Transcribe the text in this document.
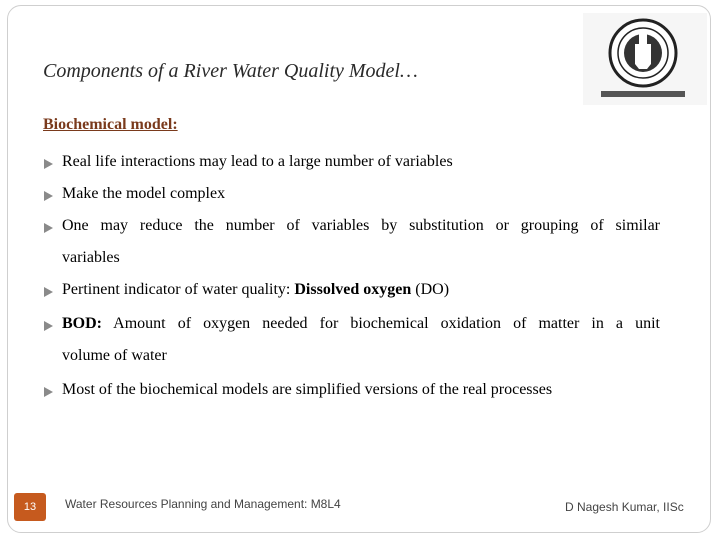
Components of a River Water Quality Model…
Biochemical model:
Real life interactions may lead to a large number of variables
Make the model complex
One may reduce the number of variables by substitution or grouping of similar
variables
Pertinent indicator of water quality: Dissolved oxygen (DO)
BOD: Amount of oxygen needed for biochemical oxidation of matter in a unit
volume of water
Most of the biochemical models are simplified versions of the real processes
13	Water Resources Planning and Management: M8L4	D Nagesh Kumar, IISc
